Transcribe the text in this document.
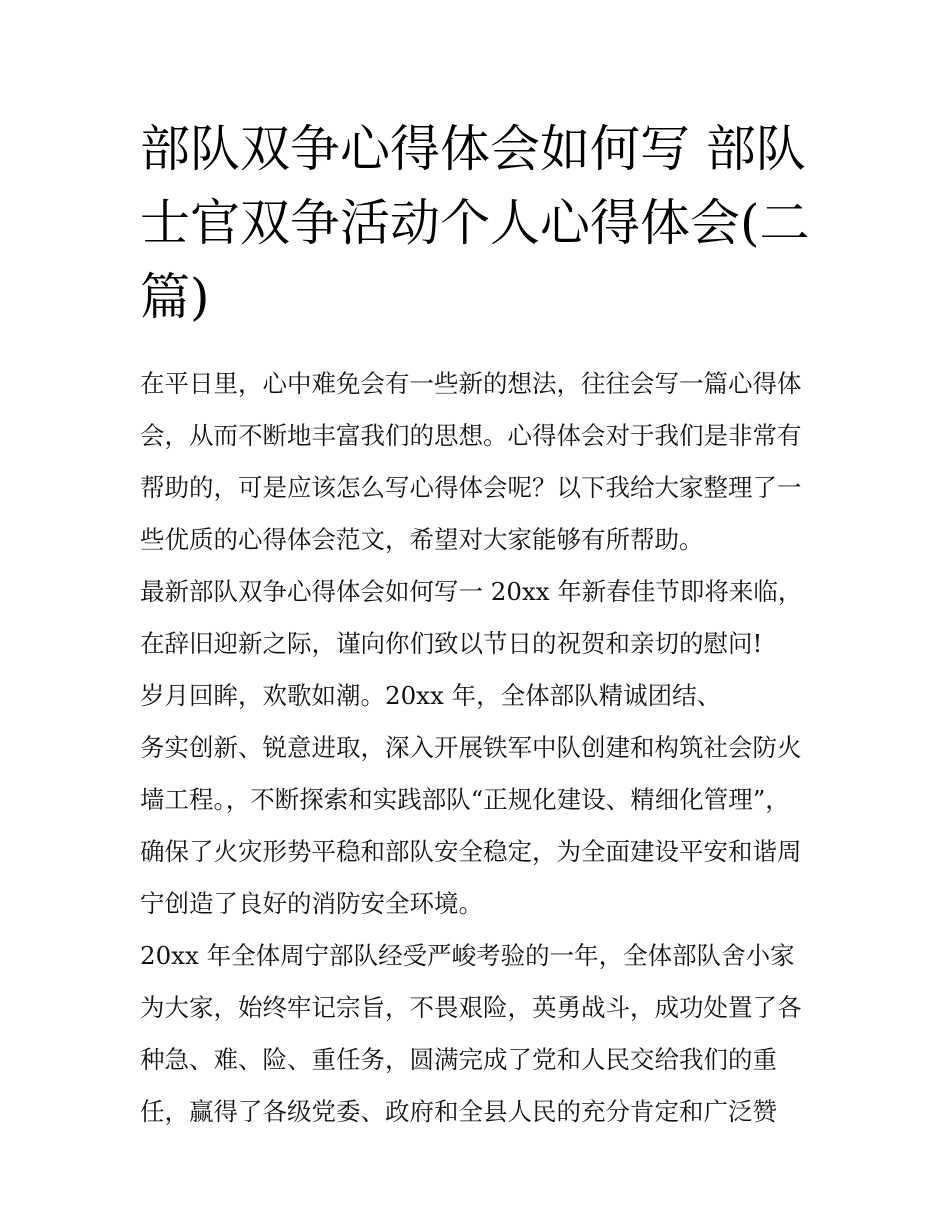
部队双争心得体会如何写 部队
士官双争活动个人心得体会(二
篇)
在平日里，心中难免会有一些新的想法，往往会写一篇心得体
会，从而不断地丰富我们的思想。心得体会对于我们是非常有
帮助的，可是应该怎么写心得体会呢？以下我给大家整理了一
些优质的心得体会范文，希望对大家能够有所帮助。
最新部队双争心得体会如何写一 20xx 年新春佳节即将来临，
在辞旧迎新之际，谨向你们致以节日的祝贺和亲切的慰问!
岁月回眸，欢歌如潮。20xx 年，全体部队精诚团结、
务实创新、锐意进取，深入开展铁军中队创建和构筑社会防火
墙工程。，不断探索和实践部队“正规化建设、精细化管理”，
确保了火灾形势平稳和部队安全稳定，为全面建设平安和谐周
宁创造了良好的消防安全环境。
20xx 年全体周宁部队经受严峻考验的一年，全体部队舍小家
为大家，始终牢记宗旨，不畏艰险，英勇战斗，成功处置了各
种急、难、险、重任务，圆满完成了党和人民交给我们的重
任，赢得了各级党委、政府和全县人民的充分肯定和广泛赞
